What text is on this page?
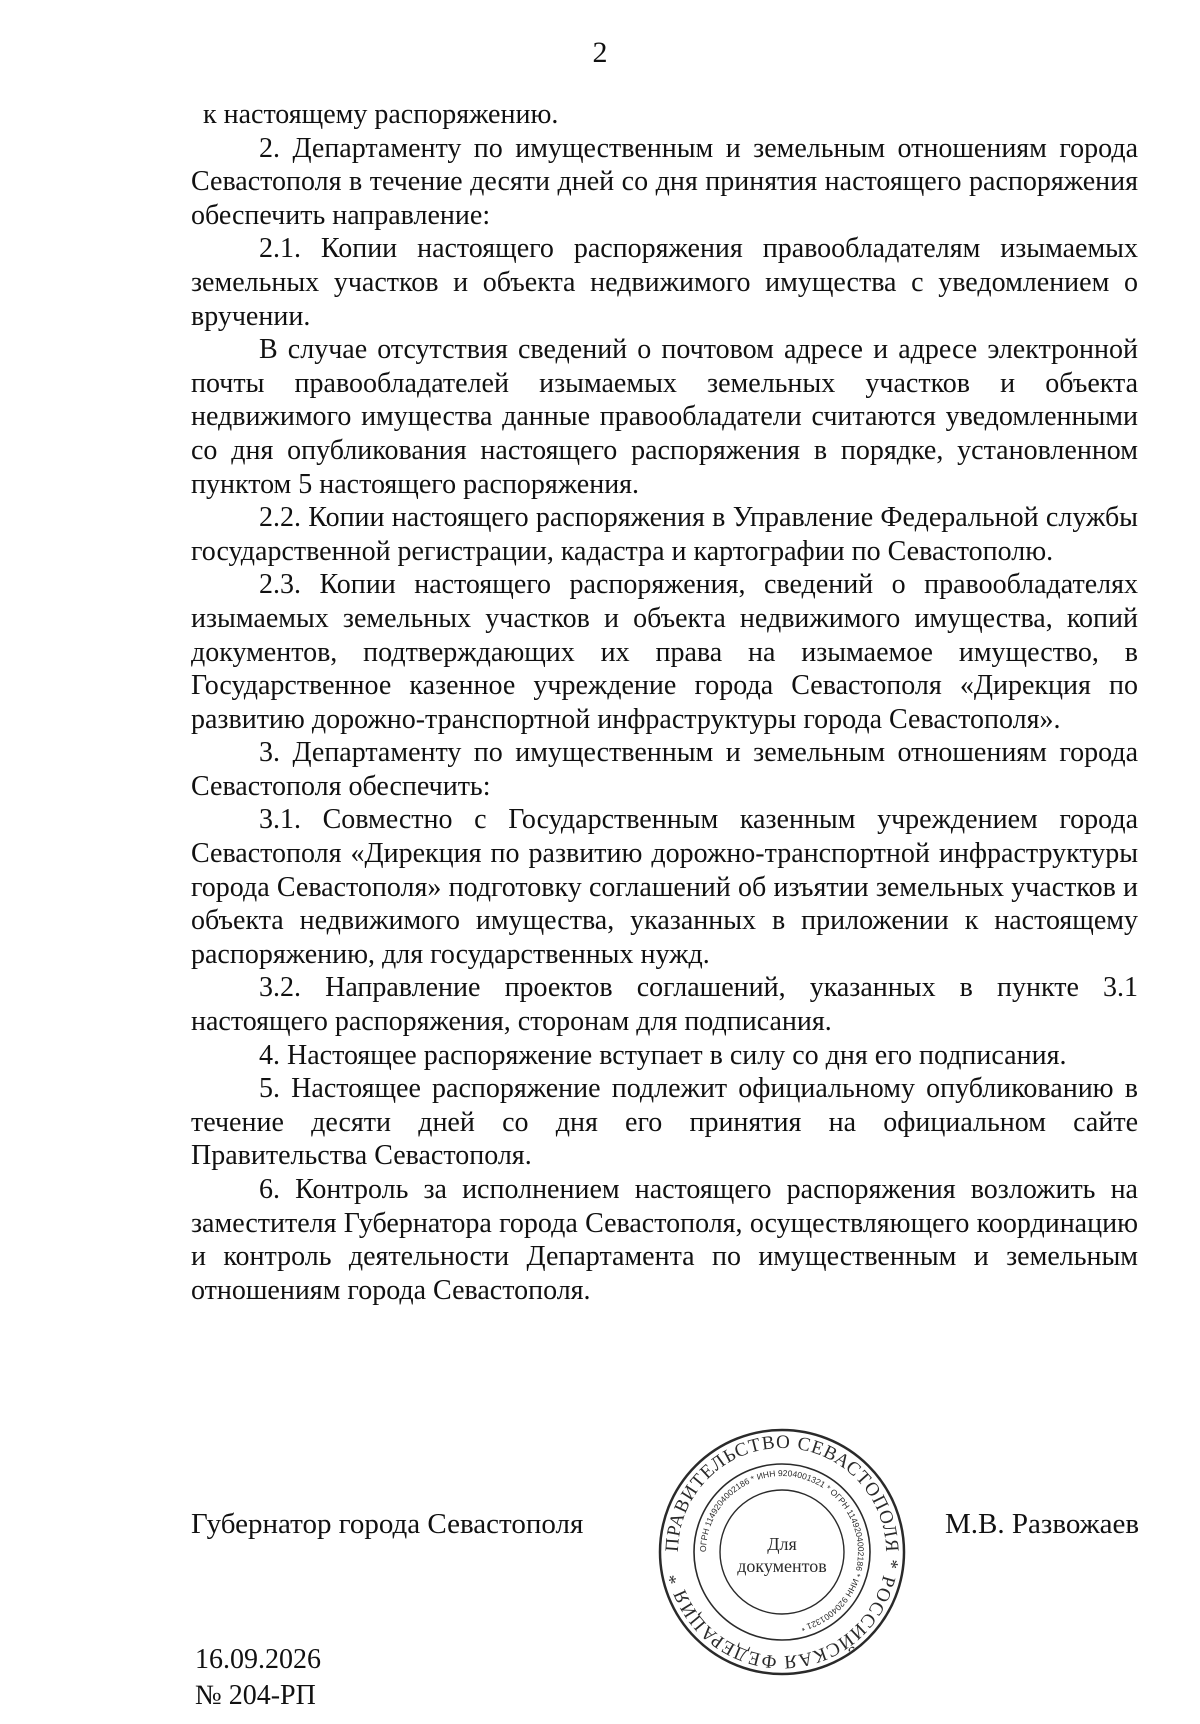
2

к настоящему распоряжению.

2. Департаменту по имущественным и земельным отношениям города Севастополя в течение десяти дней со дня принятия настоящего распоряжения обеспечить направление:

2.1. Копии настоящего распоряжения правообладателям изымаемых земельных участков и объекта недвижимого имущества с уведомлением о вручении.

В случае отсутствия сведений о почтовом адресе и адресе электронной почты правообладателей изымаемых земельных участков и объекта недвижимого имущества данные правообладатели считаются уведомленными со дня опубликования настоящего распоряжения в порядке, установленном пунктом 5 настоящего распоряжения.

2.2. Копии настоящего распоряжения в Управление Федеральной службы государственной регистрации, кадастра и картографии по Севастополю.

2.3. Копии настоящего распоряжения, сведений о правообладателях изымаемых земельных участков и объекта недвижимого имущества, копий документов, подтверждающих их права на изымаемое имущество, в Государственное казенное учреждение города Севастополя «Дирекция по развитию дорожно-транспортной инфраструктуры города Севастополя».

3. Департаменту по имущественным и земельным отношениям города Севастополя обеспечить:

3.1. Совместно с Государственным казенным учреждением города Севастополя «Дирекция по развитию дорожно-транспортной инфраструктуры города Севастополя» подготовку соглашений об изъятии земельных участков и объекта недвижимого имущества, указанных в приложении к настоящему распоряжению, для государственных нужд.

3.2. Направление проектов соглашений, указанных в пункте 3.1 настоящего распоряжения, сторонам для подписания.

4. Настоящее распоряжение вступает в силу со дня его подписания.

5. Настоящее распоряжение подлежит официальному опубликованию в течение десяти дней со дня его принятия на официальном сайте Правительства Севастополя.

6. Контроль за исполнением настоящего распоряжения возложить на заместителя Губернатора города Севастополя, осуществляющего координацию и контроль деятельности Департамента по имущественным и земельным отношениям города Севастополя.

Губернатор города Севастополя	М.В. Развожаев
ПРАВИТЕЛЬСТВО СЕВАСТОПОЛЯ * РОССИЙСКАЯ ФЕДЕРАЦИЯ *
ОГРН 1149204002186 * ИНН 9204001321 * ОГРН 1149204002186 * ИНН 9204001321 *
Для
документов
16.09.2026
№ 204-РП
